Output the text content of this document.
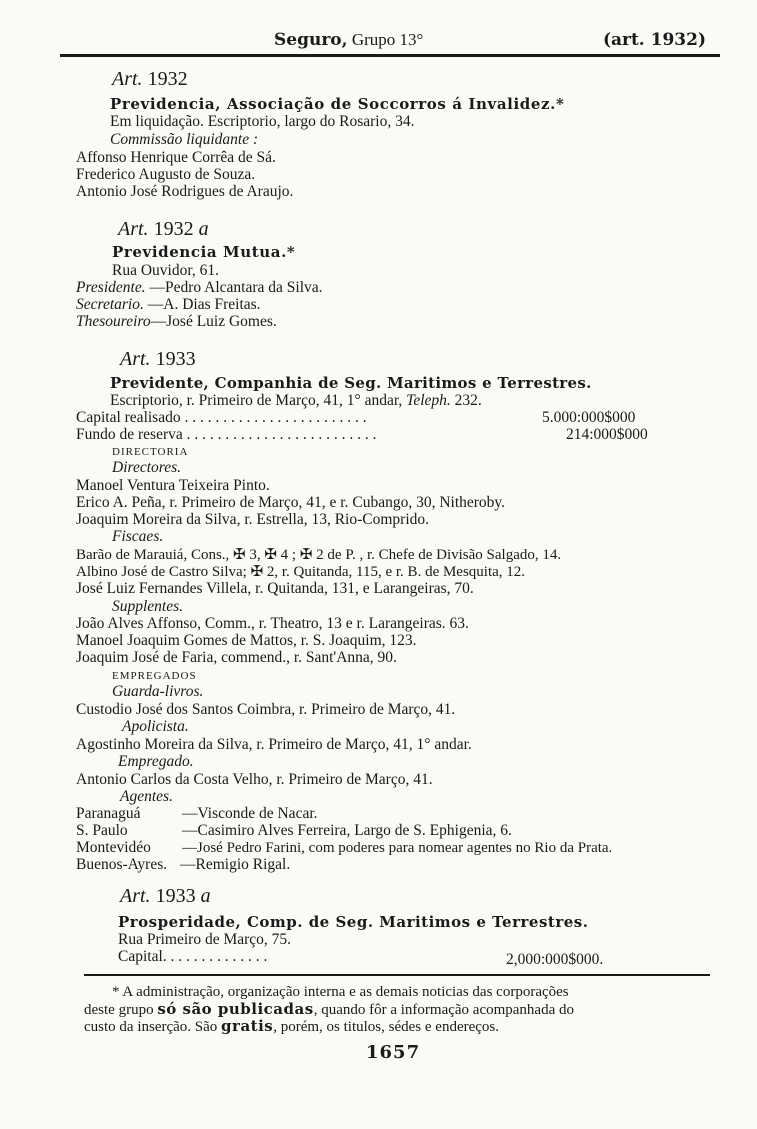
Seguro, Grupo 13°	(art. 1932)
Art. 1932
Previdencia, Associação de Soccorros á Invalidez.*
Em liquidação. Escriptorio, largo do Rosario, 34.
Commissão liquidante :
Affonso Henrique Corrêa de Sá.
Frederico Augusto de Souza.
Antonio José Rodrigues de Araujo.
Art. 1932 a
Previdencia Mutua.*
Rua Ouvidor, 61.
Presidente. —Pedro Alcantara da Silva.
Secretario. —A. Dias Freitas.
Thesoureiro—José Luiz Gomes.
Art. 1933
Previdente, Companhia de Seg. Maritimos e Terrestres.
Escriptorio, r. Primeiro de Março, 41, 1° andar, Teleph. 232.
Capital realisado . . . . . . . . . . . . . . . . . . . . . . . .	5.000:000$000
Fundo de reserva . . . . . . . . . . . . . . . . . . . . . . . . .	214:000$000
DIRECTORIA
Directores.
Manoel Ventura Teixeira Pinto.
Erico A. Peña, r. Primeiro de Março, 41, e r. Cubango, 30, Nitheroby.
Joaquim Moreira da Silva, r. Estrella, 13, Rio-Comprido.
Fiscaes.
Barão de Marauiá, Cons., ✠ 3, ✠ 4 ; ✠ 2 de P. , r. Chefe de Divisão Salgado, 14.
Albino José de Castro Silva; ✠ 2, r. Quitanda, 115, e r. B. de Mesquita, 12.
José Luiz Fernandes Villela, r. Quitanda, 131, e Larangeiras, 70.
Supplentes.
João Alves Affonso, Comm., r. Theatro, 13 e r. Larangeiras. 63.
Manoel Joaquim Gomes de Mattos, r. S. Joaquim, 123.
Joaquim José de Faria, commend., r. Sant'Anna, 90.
EMPREGADOS
Guarda-livros.
Custodio José dos Santos Coimbra, r. Primeiro de Março, 41.
Apolicista.
Agostinho Moreira da Silva, r. Primeiro de Março, 41, 1° andar.
Empregado.
Antonio Carlos da Costa Velho, r. Primeiro de Março, 41.
Agentes.
Paranaguá	—Visconde de Nacar.
S. Paulo	—Casimiro Alves Ferreira, Largo de S. Ephigenia, 6.
Montevidéo —José Pedro Farini, com poderes para nomear agentes no Rio da Prata.
Buenos-Ayres. —Remigio Rigal.
Art. 1933 a
Prosperidade, Comp. de Seg. Maritimos e Terrestres.
Rua Primeiro de Março, 75.
Capital. . . . . . . . . . . . . .	2,000:000$000.
* A administração, organização interna e as demais noticias das corporações
deste grupo só são publicadas, quando fôr a informação acompanhada do
custo da inserção. São gratis, porém, os titulos, sédes e endereços.
1657
